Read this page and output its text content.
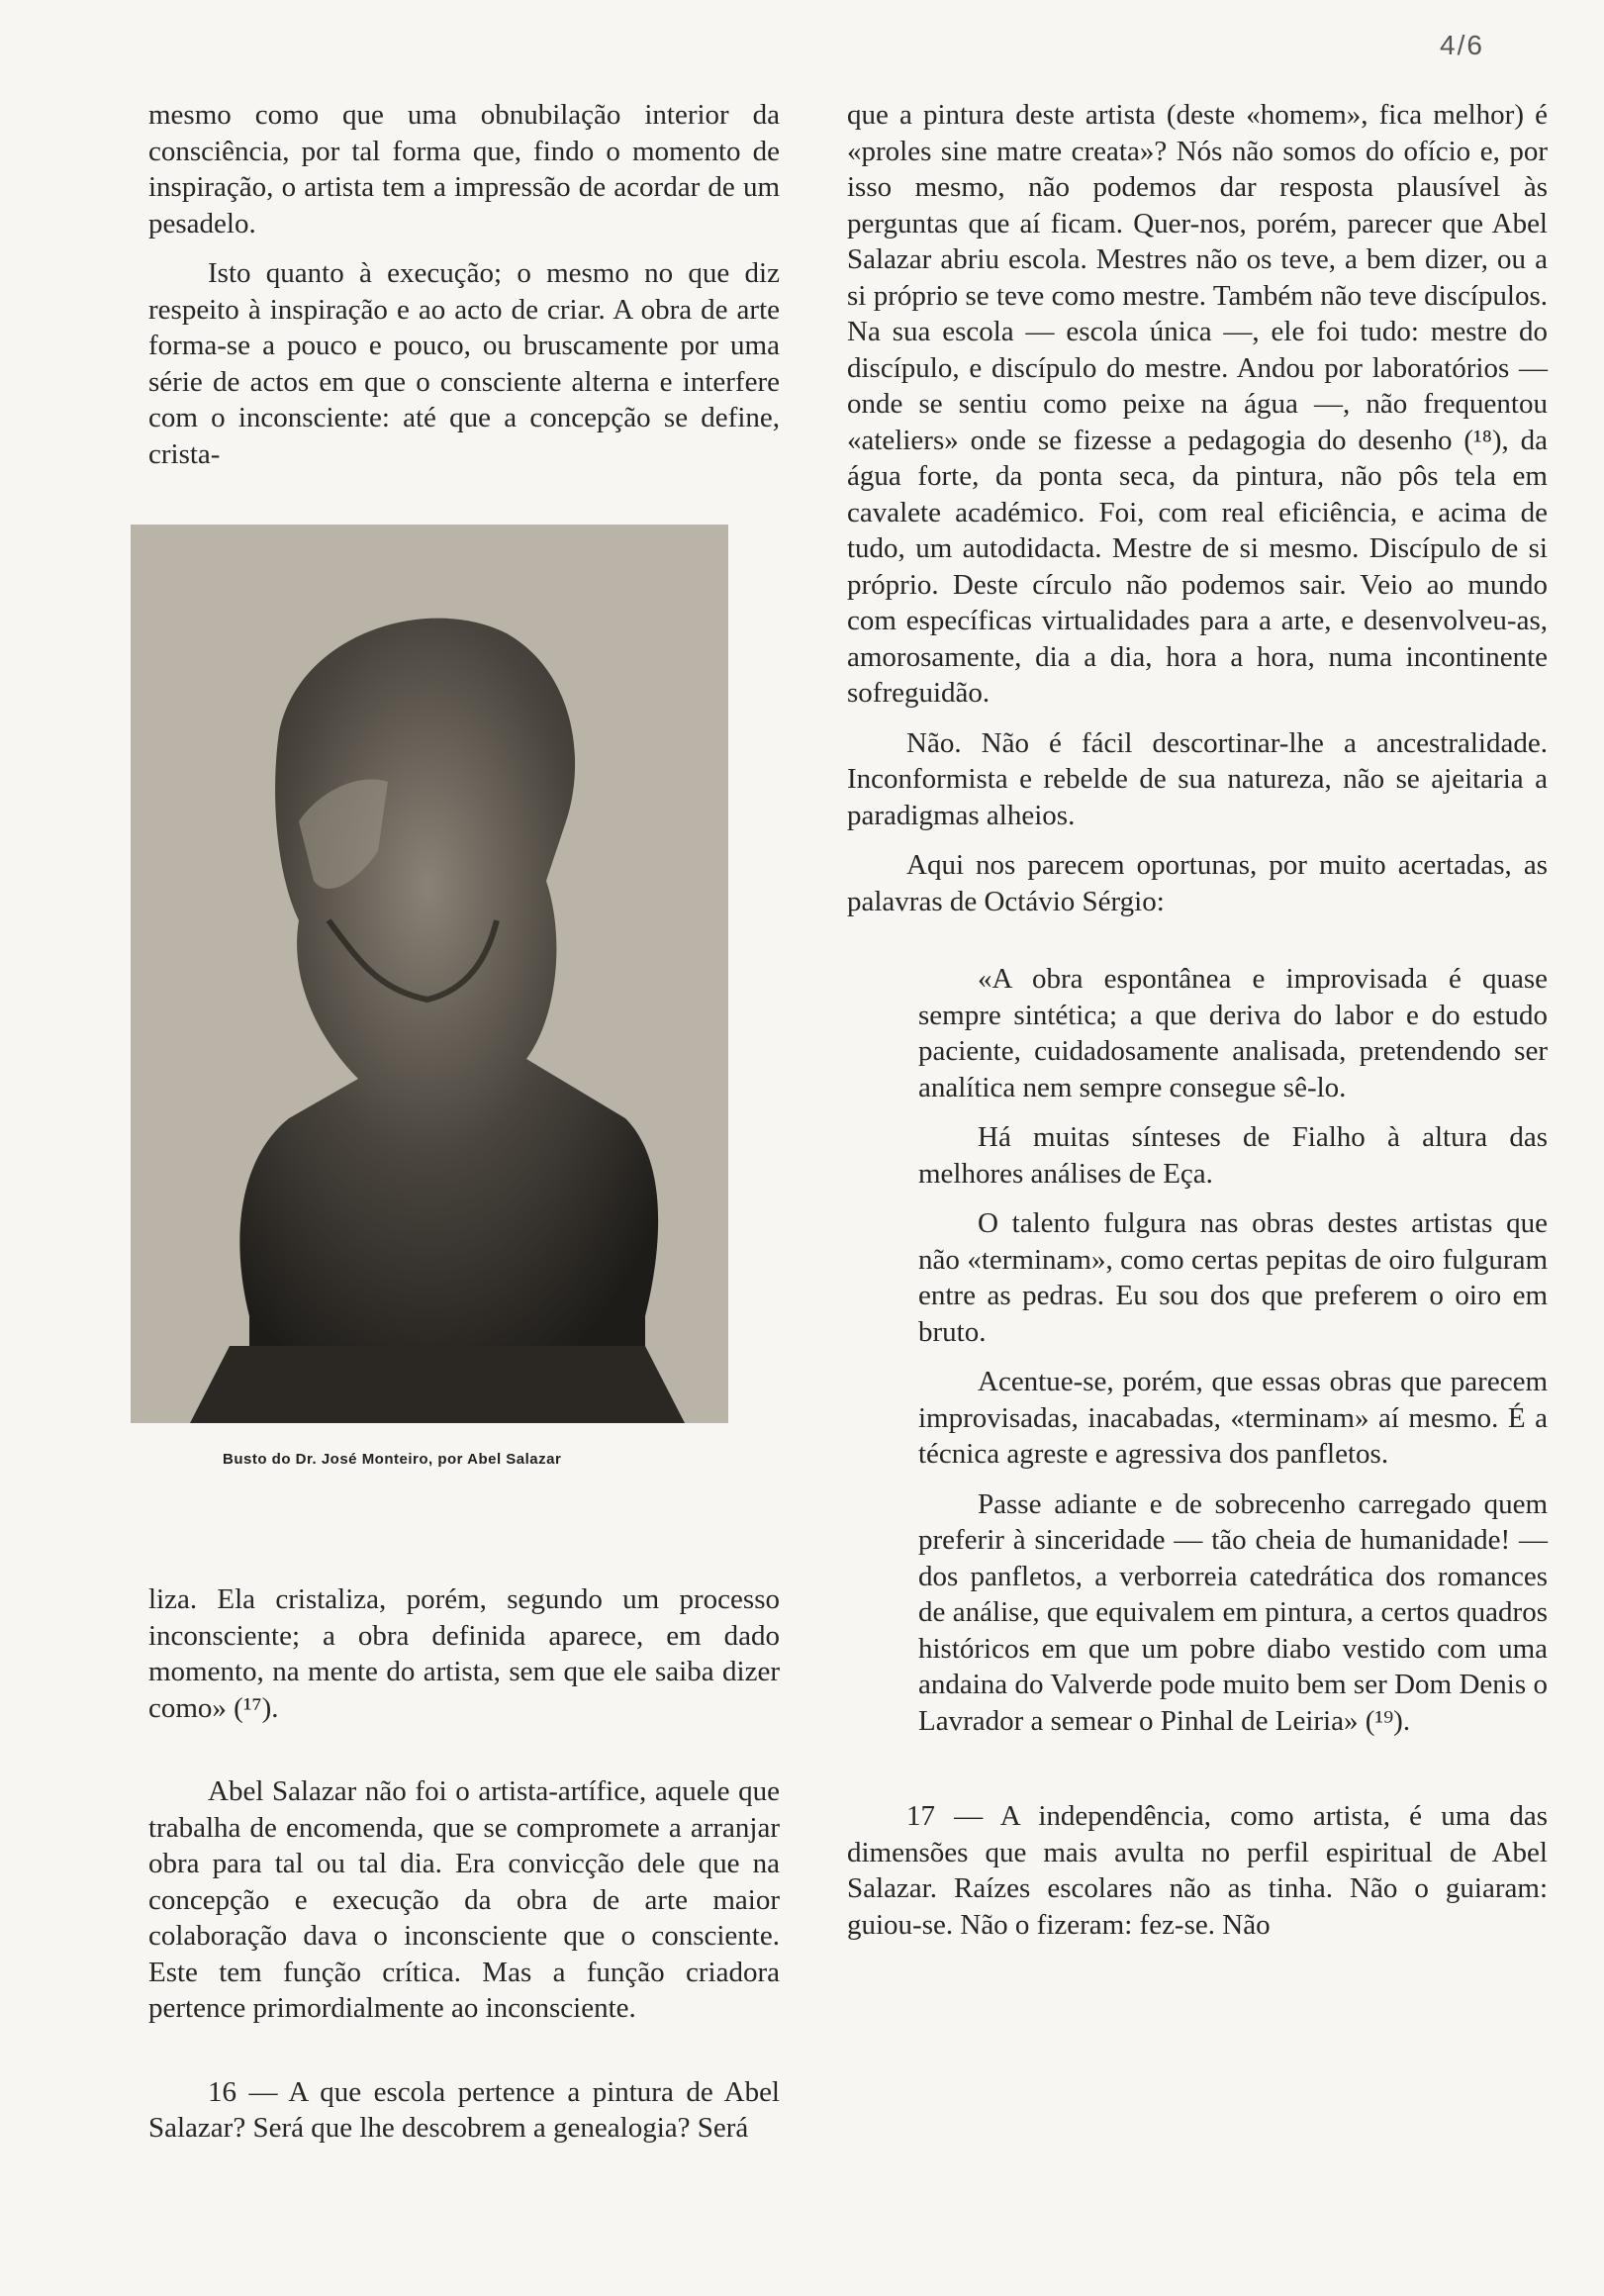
4/6

mesmo como que uma obnubilação interior da consciência, por tal forma que, findo o momento de inspiração, o artista tem a impressão de acordar de um pesadelo.

Isto quanto à execução; o mesmo no que diz respeito à inspiração e ao acto de criar. A obra de arte forma-se a pouco e pouco, ou bruscamente por uma série de actos em que o consciente alterna e interfere com o inconsciente: até que a concepção se define, crista-

Busto do Dr. José Monteiro, por Abel Salazar

liza. Ela cristaliza, porém, segundo um processo inconsciente; a obra definida aparece, em dado momento, na mente do artista, sem que ele saiba dizer como» (¹⁷).

Abel Salazar não foi o artista-artífice, aquele que trabalha de encomenda, que se compromete a arranjar obra para tal ou tal dia. Era convicção dele que na concepção e execução da obra de arte maior colaboração dava o inconsciente que o consciente. Este tem função crítica. Mas a função criadora pertence primordialmente ao inconsciente.

16 — A que escola pertence a pintura de Abel Salazar? Será que lhe descobrem a genealogia? Será

que a pintura deste artista (deste «homem», fica melhor) é «proles sine matre creata»? Nós não somos do ofício e, por isso mesmo, não podemos dar resposta plausível às perguntas que aí ficam. Quer-nos, porém, parecer que Abel Salazar abriu escola. Mestres não os teve, a bem dizer, ou a si próprio se teve como mestre. Também não teve discípulos. Na sua escola — escola única —, ele foi tudo: mestre do discípulo, e discípulo do mestre. Andou por laboratórios — onde se sentiu como peixe na água —, não frequentou «ateliers» onde se fizesse a pedagogia do desenho (¹⁸), da água forte, da ponta seca, da pintura, não pôs tela em cavalete académico. Foi, com real eficiência, e acima de tudo, um autodidacta. Mestre de si mesmo. Discípulo de si próprio. Deste círculo não podemos sair. Veio ao mundo com específicas virtualidades para a arte, e desenvolveu-as, amorosamente, dia a dia, hora a hora, numa incontinente sofreguidão.

Não. Não é fácil descortinar-lhe a ancestralidade. Inconformista e rebelde de sua natureza, não se ajeitaria a paradigmas alheios.

Aqui nos parecem oportunas, por muito acertadas, as palavras de Octávio Sérgio:

«A obra espontânea e improvisada é quase sempre sintética; a que deriva do labor e do estudo paciente, cuidadosamente analisada, pretendendo ser analítica nem sempre consegue sê-lo.

Há muitas sínteses de Fialho à altura das melhores análises de Eça.

O talento fulgura nas obras destes artistas que não «terminam», como certas pepitas de oiro fulguram entre as pedras. Eu sou dos que preferem o oiro em bruto.

Acentue-se, porém, que essas obras que parecem improvisadas, inacabadas, «terminam» aí mesmo. É a técnica agreste e agressiva dos panfletos.

Passe adiante e de sobrecenho carregado quem preferir à sinceridade — tão cheia de humanidade! — dos panfletos, a verborreia catedrática dos romances de análise, que equivalem em pintura, a certos quadros históricos em que um pobre diabo vestido com uma andaina do Valverde pode muito bem ser Dom Denis o Lavrador a semear o Pinhal de Leiria» (¹⁹).

17 — A independência, como artista, é uma das dimensões que mais avulta no perfil espiritual de Abel Salazar. Raízes escolares não as tinha. Não o guiaram: guiou-se. Não o fizeram: fez-se. Não
